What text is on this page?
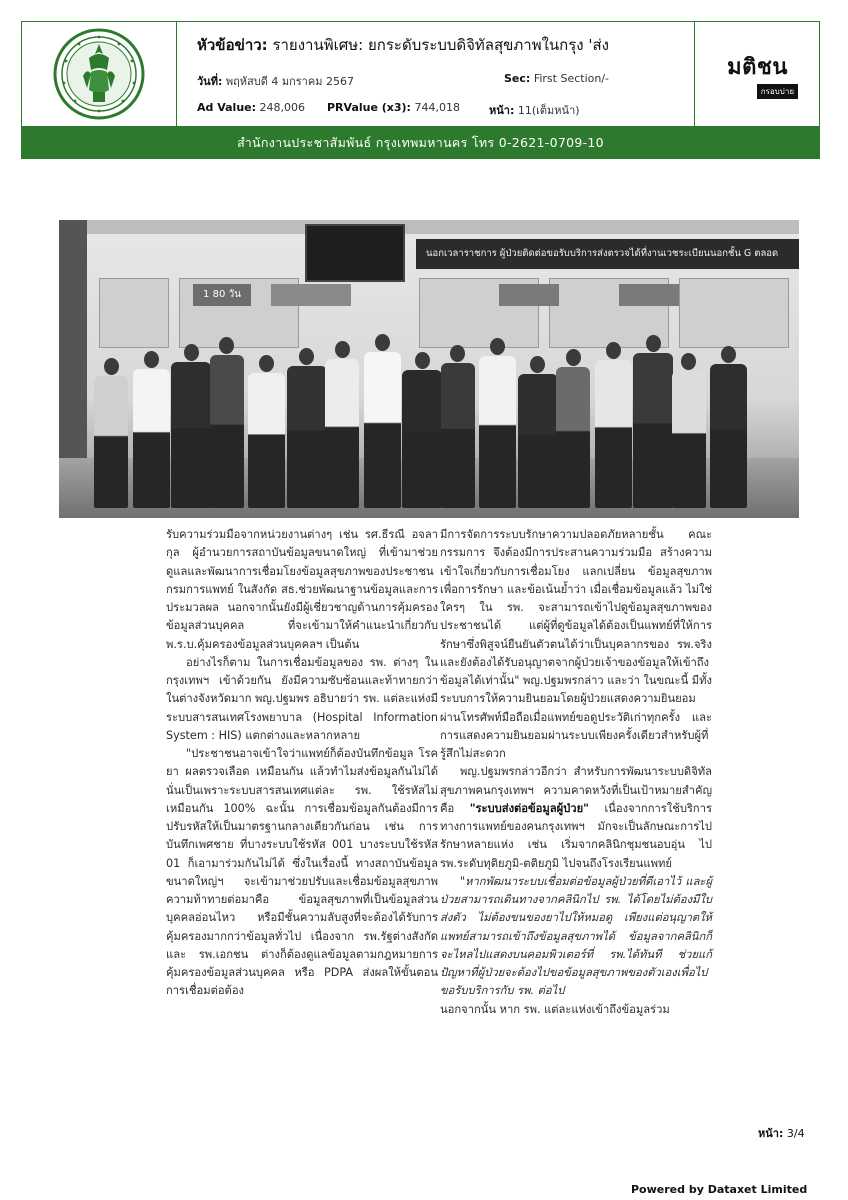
หัวข้อข่าว: รายงานพิเศษ: ยกระดับระบบดิจิทัลสุขภาพในกรุง 'ส่ง
วันที่: พฤหัสบดี 4 มกราคม 2567	Sec: First Section/-
Ad Value: 248,006 PRValue (x3): 744,018	หน้า: 11(เต็มหน้า)
มติชน
กรอบบ่าย
สำนักงานประชาสัมพันธ์ กรุงเทพมหานคร โทร 0-2621-0709-10
นอกเวลาราชการ ผู้ป่วยติดต่อขอรับบริการส่งตรวจได้ที่งานเวชระเบียนนอกชั้น G ตลอด
1 80 วัน

รับความร่วมมือจากหน่วยงานต่างๆ เช่น รศ.ธีรณี อจลากุล ผู้อำนวยการสถาบันข้อมูลขนาดใหญ่ ที่เข้ามาช่วยดูแลและพัฒนาการเชื่อมโยงข้อมูลสุขภาพของประชาชน กรมการแพทย์ ในสังกัด สธ.ช่วยพัฒนาฐานข้อมูลและการประมวลผล นอกจากนั้นยังมีผู้เชี่ยวชาญด้านการคุ้มครองข้อมูลส่วนบุคคล ที่จะเข้ามาให้คำแนะนำเกี่ยวกับ พ.ร.บ.คุ้มครองข้อมูลส่วนบุคคลฯ เป็นต้น

อย่างไรก็ตาม ในการเชื่อมข้อมูลของ รพ. ต่างๆ ในกรุงเทพฯ เข้าด้วยกัน ยังมีความซับซ้อนและท้าทายกว่าในต่างจังหวัดมาก พญ.ปฐมพร อธิบายว่า รพ. แต่ละแห่งมีระบบสารสนเทศโรงพยาบาล (Hospital Information System : HIS) แตกต่างและหลากหลาย

"ประชาชนอาจเข้าใจว่าแพทย์ก็ต้องบันทึกข้อมูล โรค ยา ผลตรวจเลือด เหมือนกัน แล้วทำไมส่งข้อมูลกันไม่ได้ นั่นเป็นเพราะระบบสารสนเทศแต่ละ รพ. ใช้รหัสไม่เหมือนกัน 100% ฉะนั้น การเชื่อมข้อมูลกันต้องมีการปรับรหัสให้เป็นมาตรฐานกลางเดียวกันก่อน เช่น การบันทึกเพศชาย ที่บางระบบใช้รหัส 001 บางระบบใช้รหัส 01 ก็เอามาร่วมกันไม่ได้ ซึ่งในเรื่องนี้ ทางสถาบันข้อมูลขนาดใหญ่ฯ จะเข้ามาช่วยปรับและเชื่อมข้อมูลสุขภาพ ความท้าทายต่อมาคือ ข้อมูลสุขภาพที่เป็นข้อมูลส่วนบุคคลอ่อนไหว หรือมีชั้นความลับสูงที่จะต้องได้รับการคุ้มครองมากกว่าข้อมูลทั่วไป เนื่องจาก รพ.รัฐต่างสังกัด และ รพ.เอกชน ต่างก็ต้องดูแลข้อมูลตามกฎหมายการคุ้มครองข้อมูลส่วนบุคคล หรือ PDPA ส่งผลให้ขั้นตอนการเชื่อมต่อต้อง

มีการจัดการระบบรักษาความปลอดภัยหลายชั้น คณะกรรมการ จึงต้องมีการประสานความร่วมมือ สร้างความเข้าใจเกี่ยวกับการเชื่อมโยง แลกเปลี่ยน ข้อมูลสุขภาพ เพื่อการรักษา และข้อเน้นย้ำว่า เมื่อเชื่อมข้อมูลแล้ว ไม่ใช่ใครๆ ใน รพ. จะสามารถเข้าไปดูข้อมูลสุขภาพของประชาชนได้ แต่ผู้ที่ดูข้อมูลได้ต้องเป็นแพทย์ที่ให้การรักษาซึ่งพิสูจน์ยืนยันตัวตนได้ว่าเป็นบุคลากรของ รพ.จริง และยังต้องได้รับอนุญาตจากผู้ป่วยเจ้าของข้อมูลให้เข้าถึงข้อมูลได้เท่านั้น" พญ.ปฐมพรกล่าว และว่า ในขณะนี้ มีทั้งระบบการให้ความยินยอมโดยผู้ป่วยแสดงความยินยอมผ่านโทรศัพท์มือถือเมื่อแพทย์ขอดูประวัติเก่าทุกครั้ง และการแสดงความยินยอมผ่านระบบเพียงครั้งเดียวสำหรับผู้ที่รู้สึกไม่สะดวก

พญ.ปฐมพรกล่าวอีกว่า สำหรับการพัฒนาระบบดิจิทัลสุขภาพคนกรุงเทพฯ ความคาดหวังที่เป็นเป้าหมายสำคัญคือ "ระบบส่งต่อข้อมูลผู้ป่วย" เนื่องจากการใช้บริการทางการแพทย์ของคนกรุงเทพฯ มักจะเป็นลักษณะการไปรักษาหลายแห่ง เช่น เริ่มจากคลินิกชุมชนอบอุ่น ไป รพ.ระดับทุติยภูมิ-ตติยภูมิ ไปจนถึงโรงเรียนแพทย์

"หากพัฒนาระบบเชื่อมต่อข้อมูลผู้ป่วยที่ดีเอาไว้ และผู้ป่วยสามารถเดินทางจากคลินิกไป รพ. ได้โดยไม่ต้องมีใบส่งตัว ไม่ต้องขนของยาไปให้หมอดู เพียงแต่อนุญาตให้แพทย์สามารถเข้าถึงข้อมูลสุขภาพได้ ข้อมูลจากคลินิกก็จะไหลไปแสดงบนคอมพิวเตอร์ที่ รพ.ได้ทันที ช่วยแก้ปัญหาที่ผู้ป่วยจะต้องไปขอข้อมูลสุขภาพของตัวเองเพื่อไปขอรับบริการกับ รพ. ต่อไป

นอกจากนั้น หาก รพ. แต่ละแห่งเข้าถึงข้อมูลร่วม

หน้า: 3/4
Powered by Dataxet Limited
